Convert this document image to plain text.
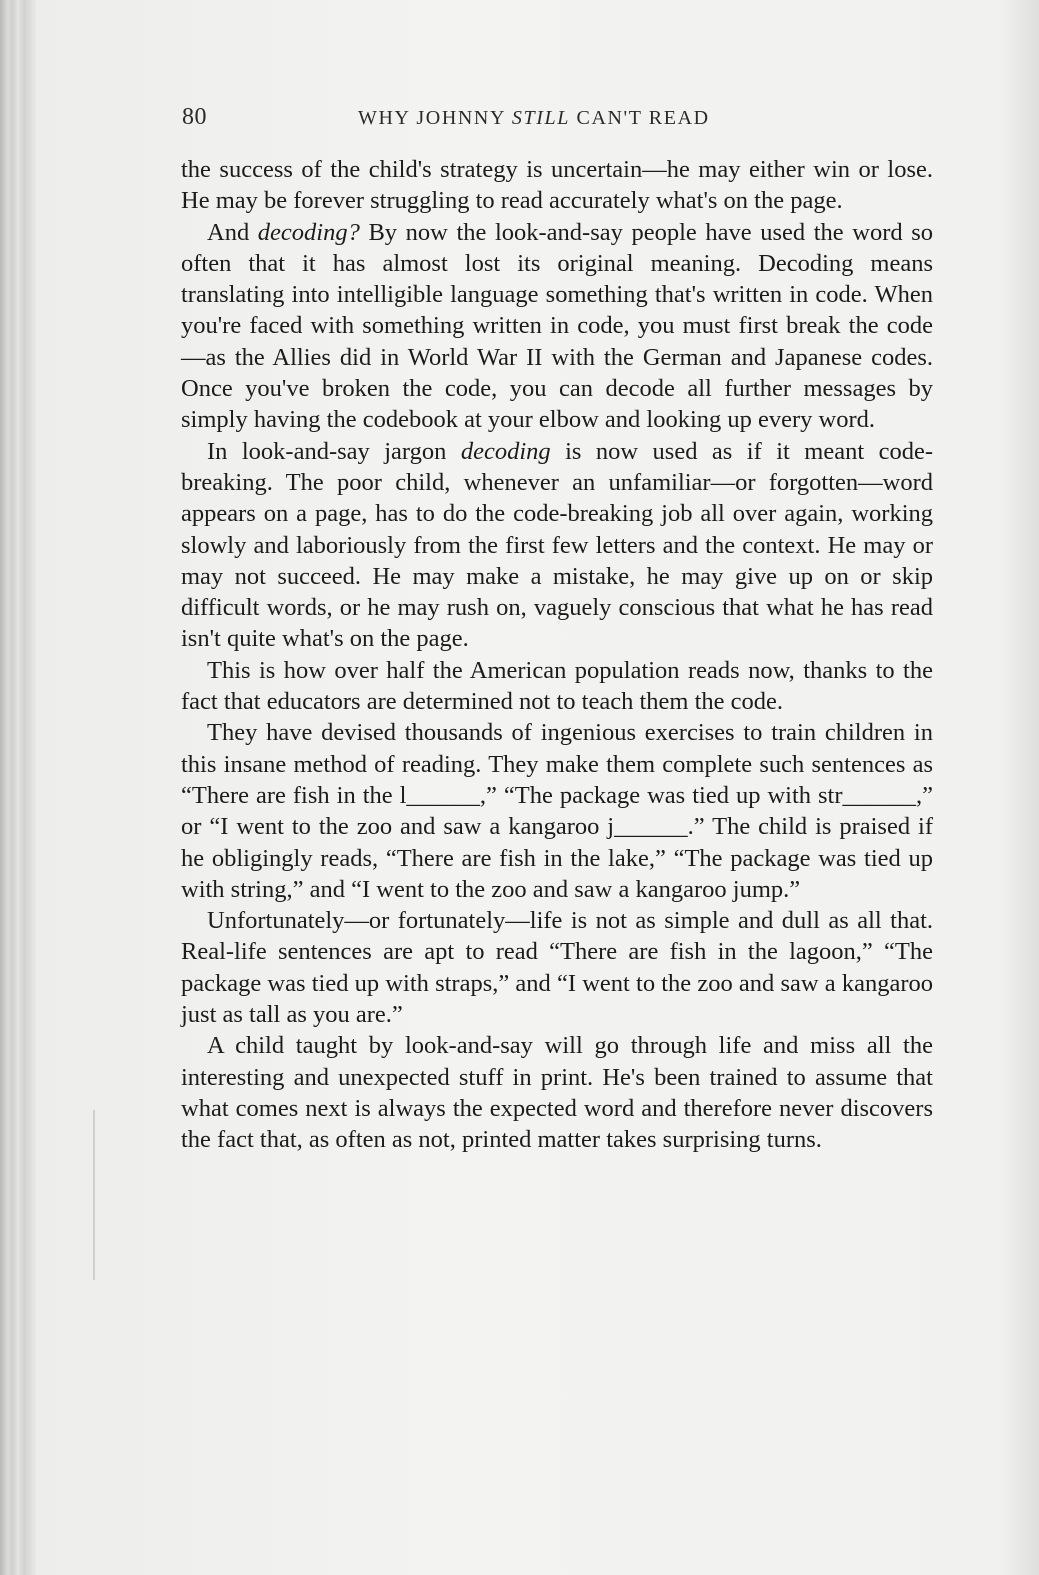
80	WHY JOHNNY STILL CAN'T READ

the success of the child's strategy is uncertain—he may either win or lose. He may be forever struggling to read accurately what's on the page.

And decoding? By now the look-and-say people have used the word so often that it has almost lost its original meaning. Decoding means translating into intelligible language something that's written in code. When you're faced with something written in code, you must first break the code—as the Allies did in World War II with the German and Japanese codes. Once you've broken the code, you can decode all further messages by simply having the codebook at your elbow and looking up every word.

In look-and-say jargon decoding is now used as if it meant code-breaking. The poor child, whenever an unfamiliar—or forgotten—word appears on a page, has to do the code-breaking job all over again, working slowly and laboriously from the first few letters and the context. He may or may not succeed. He may make a mistake, he may give up on or skip difficult words, or he may rush on, vaguely conscious that what he has read isn't quite what's on the page.

This is how over half the American population reads now, thanks to the fact that educators are determined not to teach them the code.

They have devised thousands of ingenious exercises to train children in this insane method of reading. They make them complete such sentences as “There are fish in the l______,” “The package was tied up with str______,” or “I went to the zoo and saw a kangaroo j______.” The child is praised if he obligingly reads, “There are fish in the lake,” “The package was tied up with string,” and “I went to the zoo and saw a kangaroo jump.”

Unfortunately—or fortunately—life is not as simple and dull as all that. Real-life sentences are apt to read “There are fish in the lagoon,” “The package was tied up with straps,” and “I went to the zoo and saw a kangaroo just as tall as you are.”

A child taught by look-and-say will go through life and miss all the interesting and unexpected stuff in print. He's been trained to assume that what comes next is always the expected word and therefore never discovers the fact that, as often as not, printed matter takes surprising turns.
